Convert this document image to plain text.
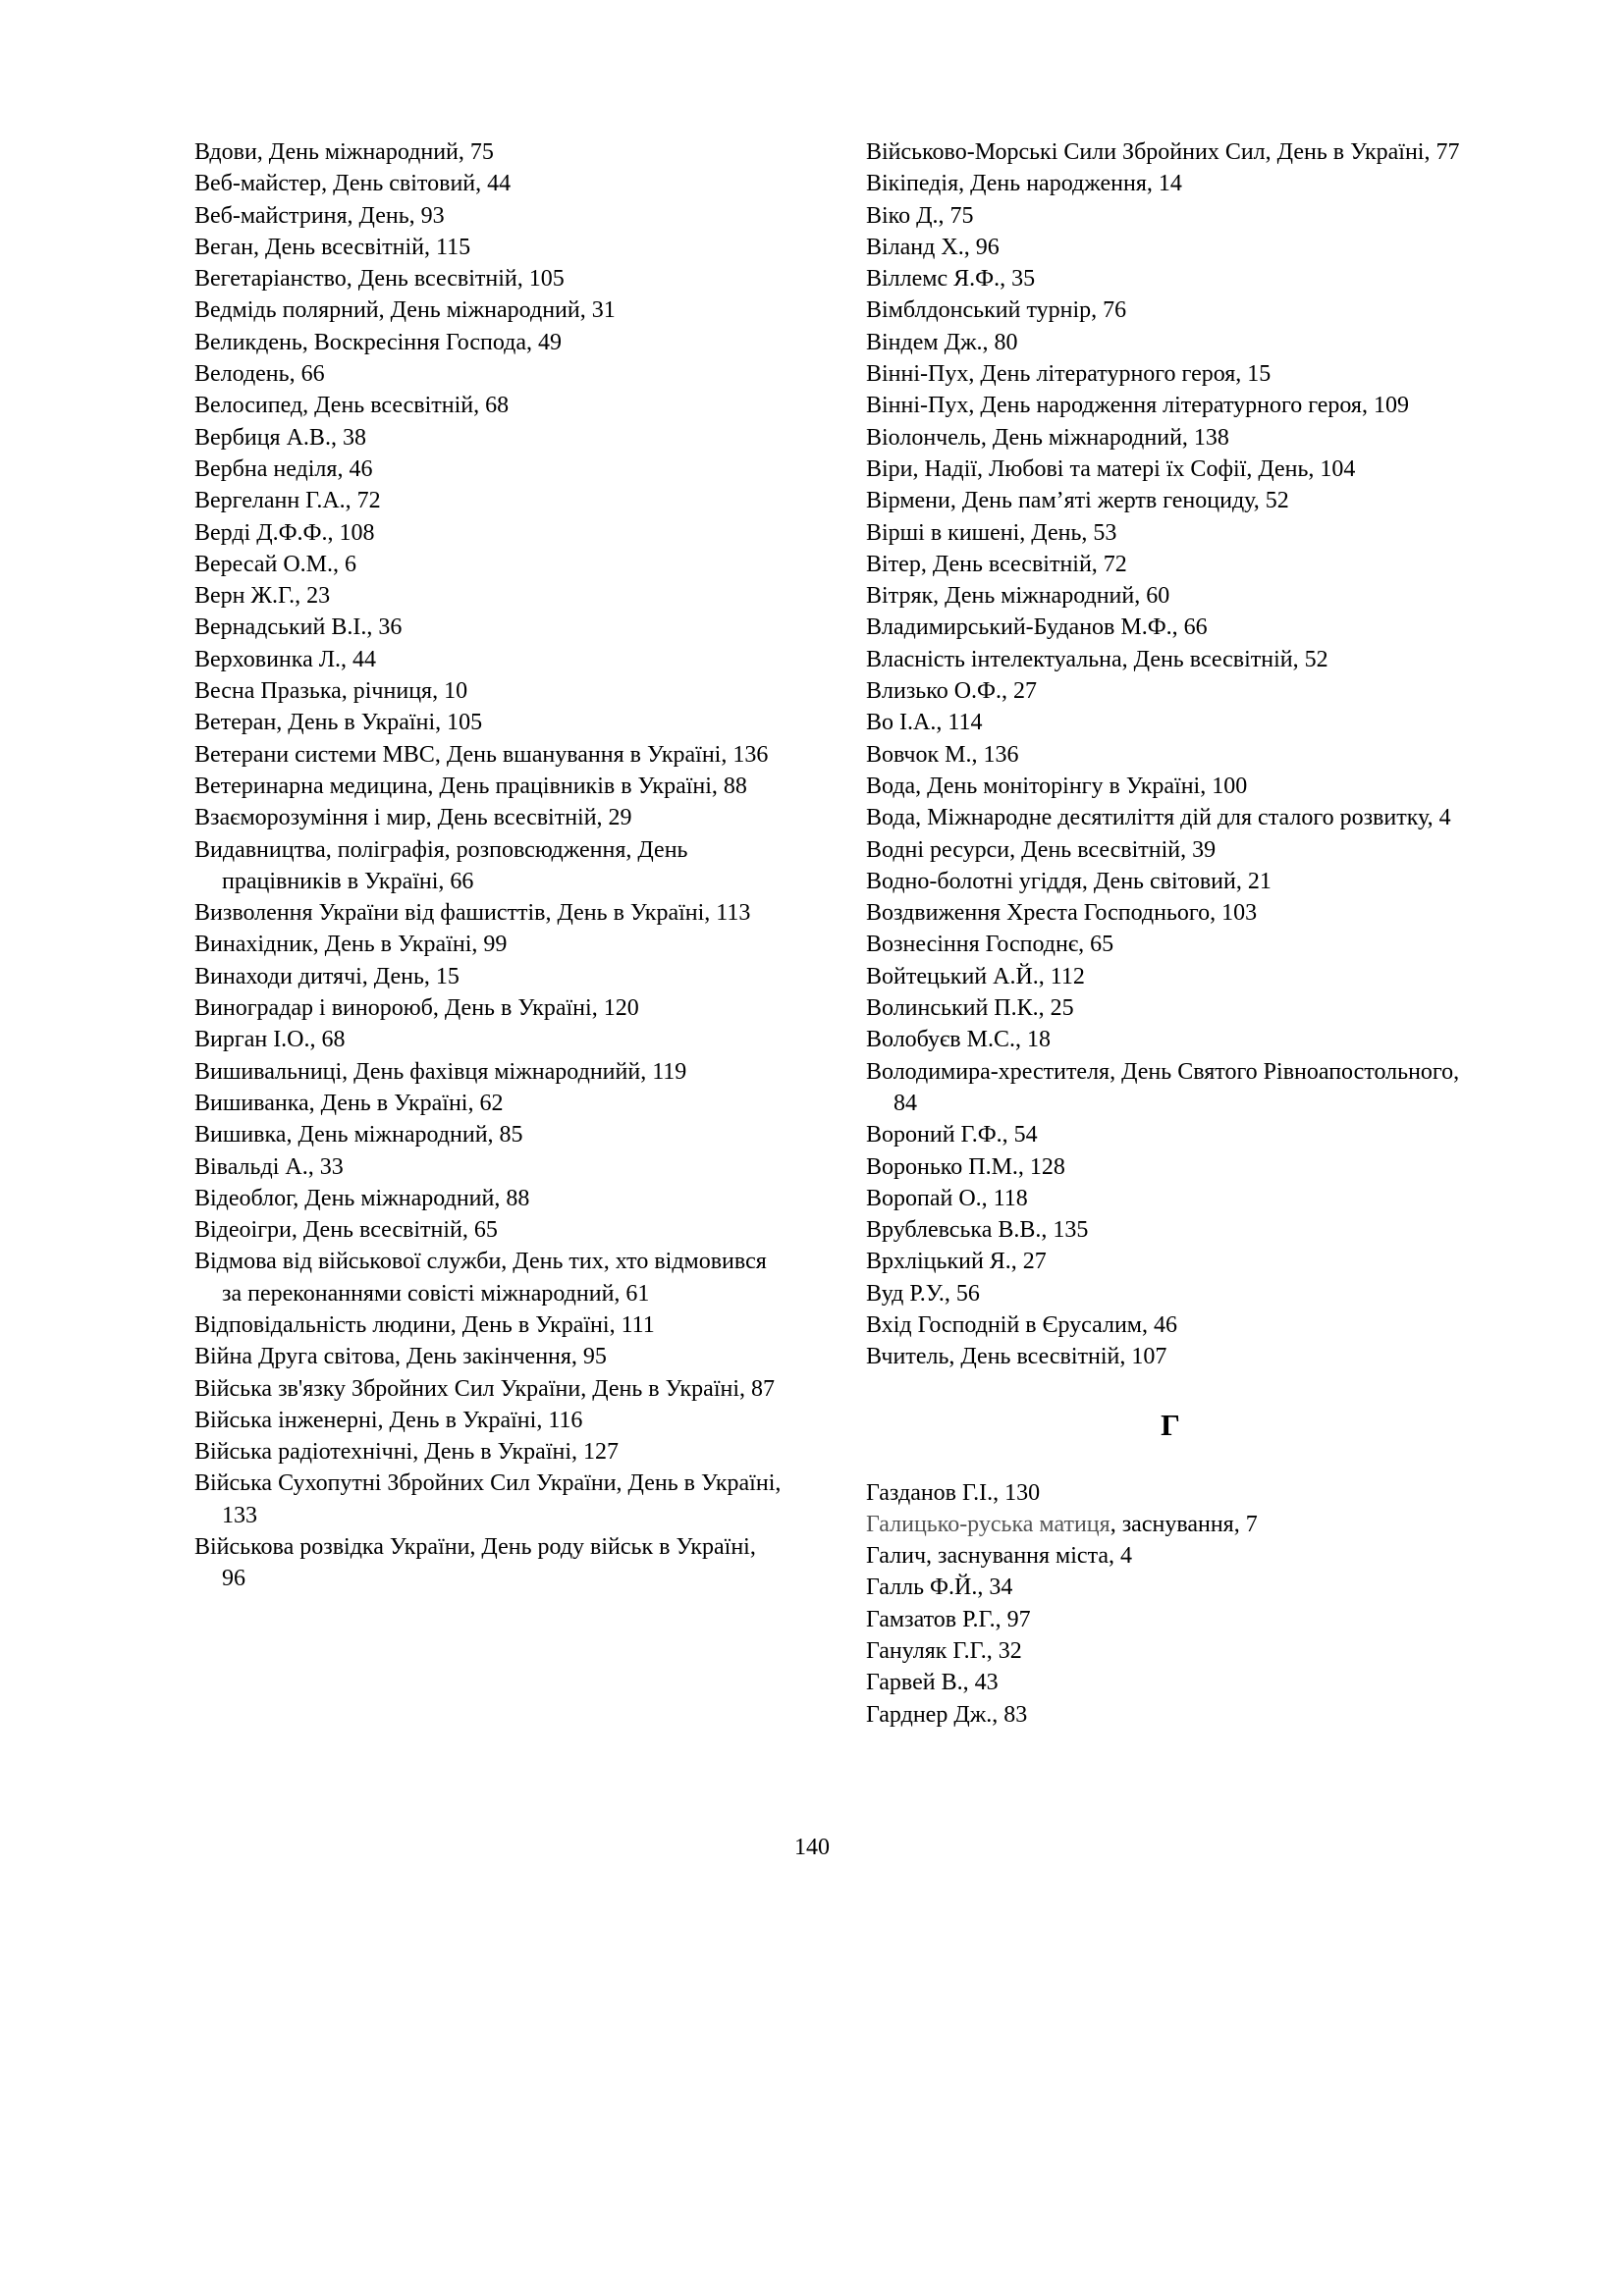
Вдови, День міжнародний, 75
Веб-майстер, День світовий, 44
Веб-майстриня, День, 93
Веган, День всесвітній, 115
Вегетаріанство, День всесвітній, 105
Ведмідь полярний, День міжнародний, 31
Великдень, Воскресіння Господа, 49
Велодень, 66
Велосипед, День всесвітній, 68
Вербиця А.В., 38
Вербна неділя, 46
Вергеланн Г.А., 72
Верді Д.Ф.Ф., 108
Вересай О.М., 6
Верн Ж.Г., 23
Вернадський В.І., 36
Верховинка Л., 44
Весна Празька, річниця, 10
Ветеран, День в Україні, 105
Ветерани системи МВС, День вшанування в Україні, 136
Ветеринарна медицина, День працівників в Україні, 88
Взаєморозуміння і мир, День всесвітній, 29
Видавництва, поліграфія, розповсюдження, День працівників в Україні, 66
Визволення України від фашисттів, День в Україні, 113
Винахідник, День в Україні, 99
Винаходи дитячі, День, 15
Виноградар і винороюб, День в Україні, 120
Вирган І.О., 68
Вишивальниці, День фахівця міжнароднийй, 119
Вишиванка, День в Україні, 62
Вишивка, День міжнародний, 85
Вівальді А., 33
Відеоблог, День міжнародний, 88
Відеоігри, День всесвітній, 65
Відмова від військової служби, День тих, хто відмовився за переконаннями совісті міжнародний, 61
Відповідальність людини, День в Україні, 111
Війна Друга світова, День закінчення, 95
Війська зв'язку Збройних Сил України, День в Україні, 87
Війська інженерні, День в Україні, 116
Війська радіотехнічні, День в Україні, 127
Війська Сухопутні Збройних Сил України, День в Україні, 133
Військова розвідка України, День роду військ в Україні, 96
Військово-Морські Сили Збройних Сил, День в Україні, 77
Вікіпедія, День народження, 14
Віко Д., 75
Віланд Х., 96
Віллемс Я.Ф., 35
Вімблдонський турнір, 76
Віндем Дж., 80
Вінні-Пух, День літературного героя, 15
Вінні-Пух, День народження літературного героя, 109
Віолончель, День міжнародний, 138
Віри, Надії, Любові та матері їх Софії, День, 104
Вірмени, День пам’яті жертв геноциду, 52
Вірші в кишені, День, 53
Вітер, День всесвітній, 72
Вітряк, День міжнародний, 60
Владимирський-Буданов М.Ф., 66
Власність інтелектуальна, День всесвітній, 52
Влизько О.Ф., 27
Во І.А., 114
Вовчок М., 136
Вода, День моніторінгу в Україні, 100
Вода, Міжнародне десятиліття дій для сталого розвитку, 4
Водні ресурси, День всесвітній, 39
Водно-болотні угіддя, День світовий, 21
Воздвиження Хреста Господнього, 103
Вознесіння Господнє, 65
Войтецький А.Й., 112
Волинський П.К., 25
Волобуєв М.С., 18
Володимира-хрестителя, День Святого Рівноапостольного, 84
Вороний Г.Ф., 54
Воронько П.М., 128
Воропай О., 118
Врублевська В.В., 135
Врхліцький Я., 27
Вуд Р.У., 56
Вхід Господній в Єрусалим, 46
Вчитель, День всесвітній, 107
Г
Газданов Г.І., 130
Галицько-руська матиця, заснування, 7
Галич, заснування міста, 4
Галль Ф.Й., 34
Гамзатов Р.Г., 97
Гануляк Г.Г., 32
Гарвей В., 43
Гарднер Дж., 83
140
